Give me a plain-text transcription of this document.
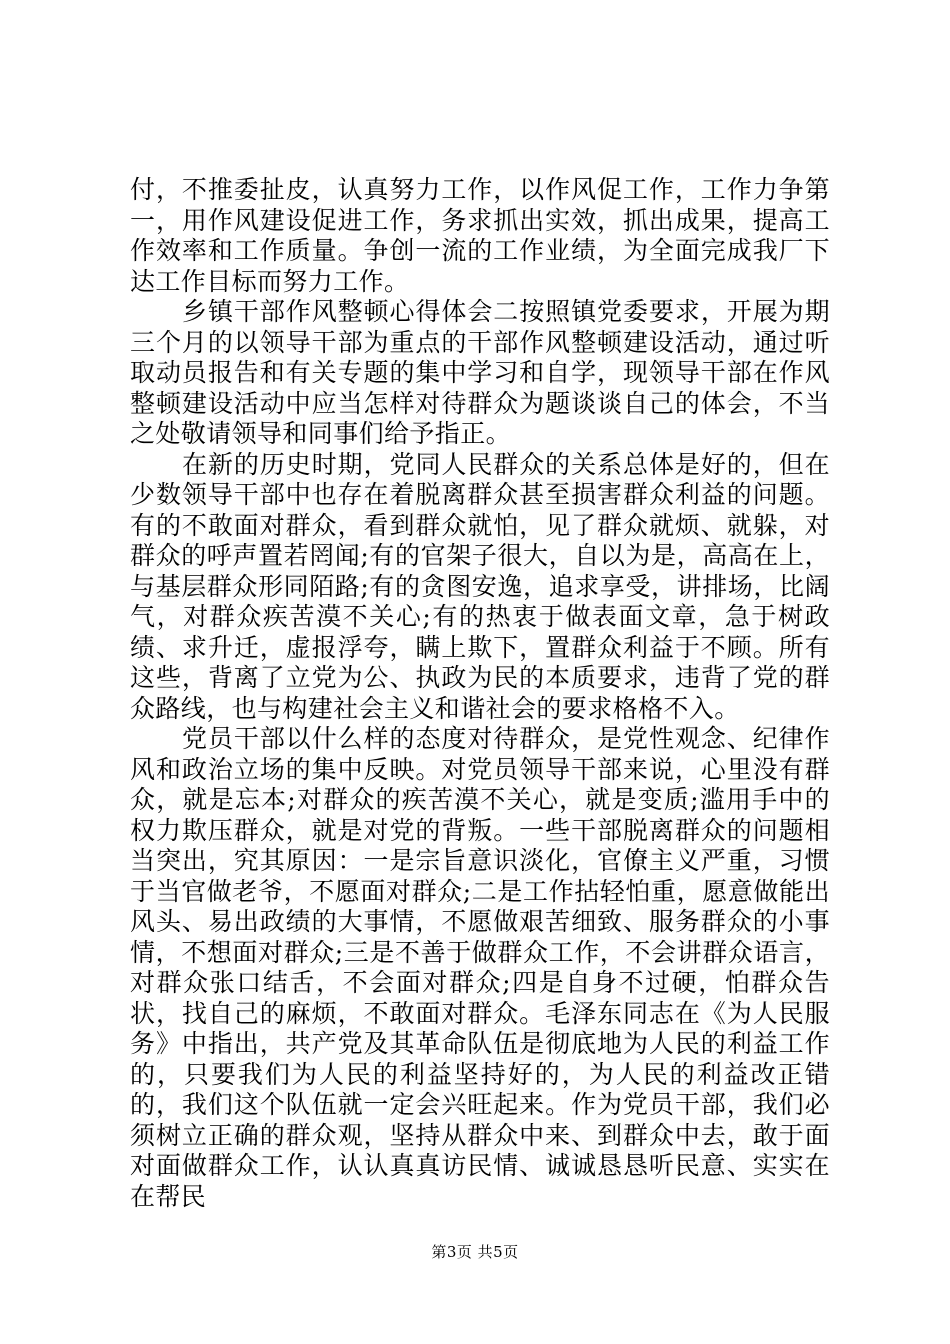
付，不推委扯皮，认真努力工作，以作风促工作，工作力争第一，用作风建设促进工作，务求抓出实效，抓出成果，提高工作效率和工作质量。争创一流的工作业绩，为全面完成我厂下达工作目标而努力工作。

乡镇干部作风整顿心得体会二按照镇党委要求，开展为期三个月的以领导干部为重点的干部作风整顿建设活动，通过听取动员报告和有关专题的集中学习和自学，现领导干部在作风整顿建设活动中应当怎样对待群众为题谈谈自己的体会，不当之处敬请领导和同事们给予指正。

在新的历史时期，党同人民群众的关系总体是好的，但在少数领导干部中也存在着脱离群众甚至损害群众利益的问题。有的不敢面对群众，看到群众就怕，见了群众就烦、就躲，对群众的呼声置若罔闻;有的官架子很大，自以为是，高高在上，与基层群众形同陌路;有的贪图安逸，追求享受，讲排场，比阔气，对群众疾苦漠不关心;有的热衷于做表面文章，急于树政绩、求升迁，虚报浮夸，瞒上欺下，置群众利益于不顾。所有这些，背离了立党为公、执政为民的本质要求，违背了党的群众路线，也与构建社会主义和谐社会的要求格格不入。

党员干部以什么样的态度对待群众，是党性观念、纪律作风和政治立场的集中反映。对党员领导干部来说，心里没有群众，就是忘本;对群众的疾苦漠不关心，就是变质;滥用手中的权力欺压群众，就是对党的背叛。一些干部脱离群众的问题相当突出，究其原因：一是宗旨意识淡化，官僚主义严重，习惯于当官做老爷，不愿面对群众;二是工作拈轻怕重，愿意做能出风头、易出政绩的大事情，不愿做艰苦细致、服务群众的小事情，不想面对群众;三是不善于做群众工作，不会讲群众语言，对群众张口结舌，不会面对群众;四是自身不过硬，怕群众告状，找自己的麻烦，不敢面对群众。毛泽东同志在《为人民服务》中指出，共产党及其革命队伍是彻底地为人民的利益工作的，只要我们为人民的利益坚持好的，为人民的利益改正错的，我们这个队伍就一定会兴旺起来。作为党员干部，我们必须树立正确的群众观，坚持从群众中来、到群众中去，敢于面对面做群众工作，认认真真访民情、诚诚恳恳听民意、实实在在帮民

第3页 共5页
